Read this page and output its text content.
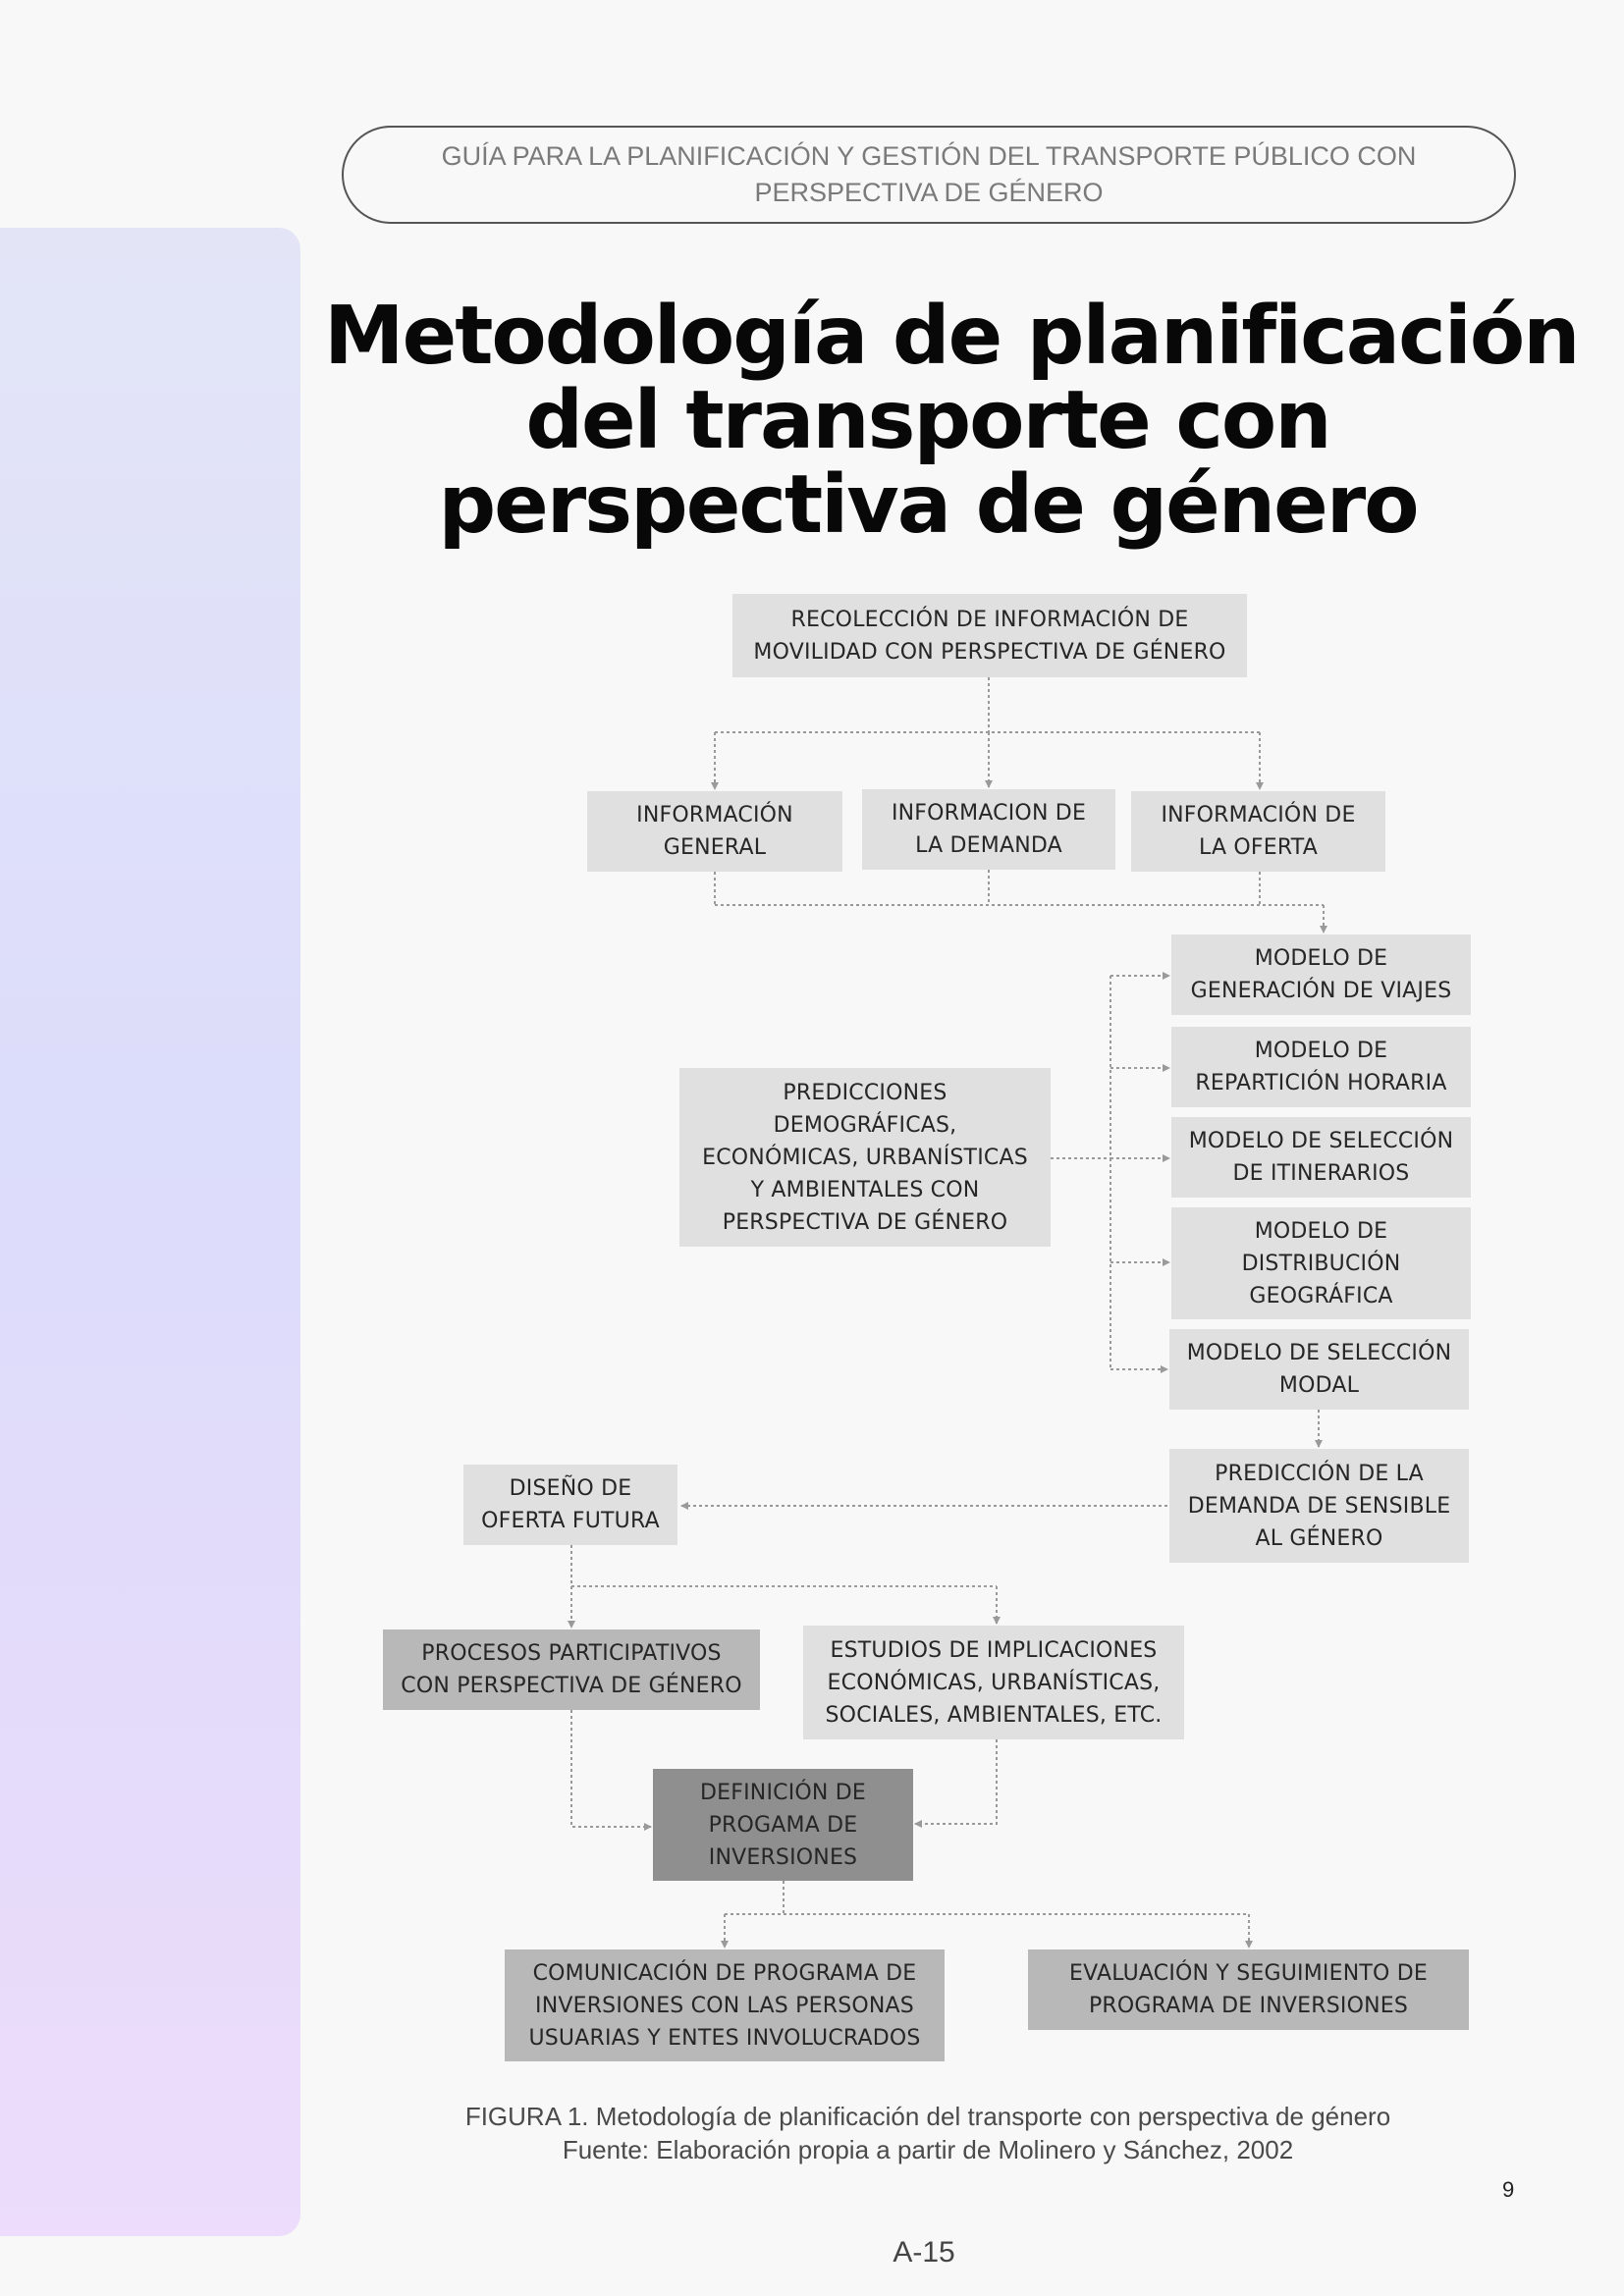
GUÍA PARA LA PLANIFICACIÓN Y GESTIÓN DEL TRANSPORTE PÚBLICO CON
PERSPECTIVA DE GÉNERO
Metodología de planificación
del transporte con
perspectiva de género
RECOLECCIÓN DE INFORMACIÓN DE
MOVILIDAD CON PERSPECTIVA DE GÉNERO
INFORMACIÓN
GENERAL
INFORMACION DE
LA DEMANDA
INFORMACIÓN DE
LA OFERTA
MODELO DE
GENERACIÓN DE VIAJES
MODELO DE
REPARTICIÓN HORARIA
MODELO DE SELECCIÓN
DE ITINERARIOS
MODELO DE
DISTRIBUCIÓN
GEOGRÁFICA
MODELO DE SELECCIÓN
MODAL
PREDICCIONES
DEMOGRÁFICAS,
ECONÓMICAS, URBANÍSTICAS
Y AMBIENTALES CON
PERSPECTIVA DE GÉNERO
PREDICCIÓN DE LA
DEMANDA DE SENSIBLE
AL GÉNERO
DISEÑO DE
OFERTA FUTURA
PROCESOS PARTICIPATIVOS
CON PERSPECTIVA DE GÉNERO
ESTUDIOS DE IMPLICACIONES
ECONÓMICAS, URBANÍSTICAS,
SOCIALES, AMBIENTALES, ETC.
DEFINICIÓN DE
PROGAMA DE
INVERSIONES
COMUNICACIÓN DE PROGRAMA DE
INVERSIONES CON LAS PERSONAS
USUARIAS Y ENTES INVOLUCRADOS
EVALUACIÓN Y SEGUIMIENTO DE
PROGRAMA DE INVERSIONES
FIGURA 1. Metodología de planificación del transporte con perspectiva de género
Fuente: Elaboración propia a partir de Molinero y Sánchez, 2002
9
A-15
